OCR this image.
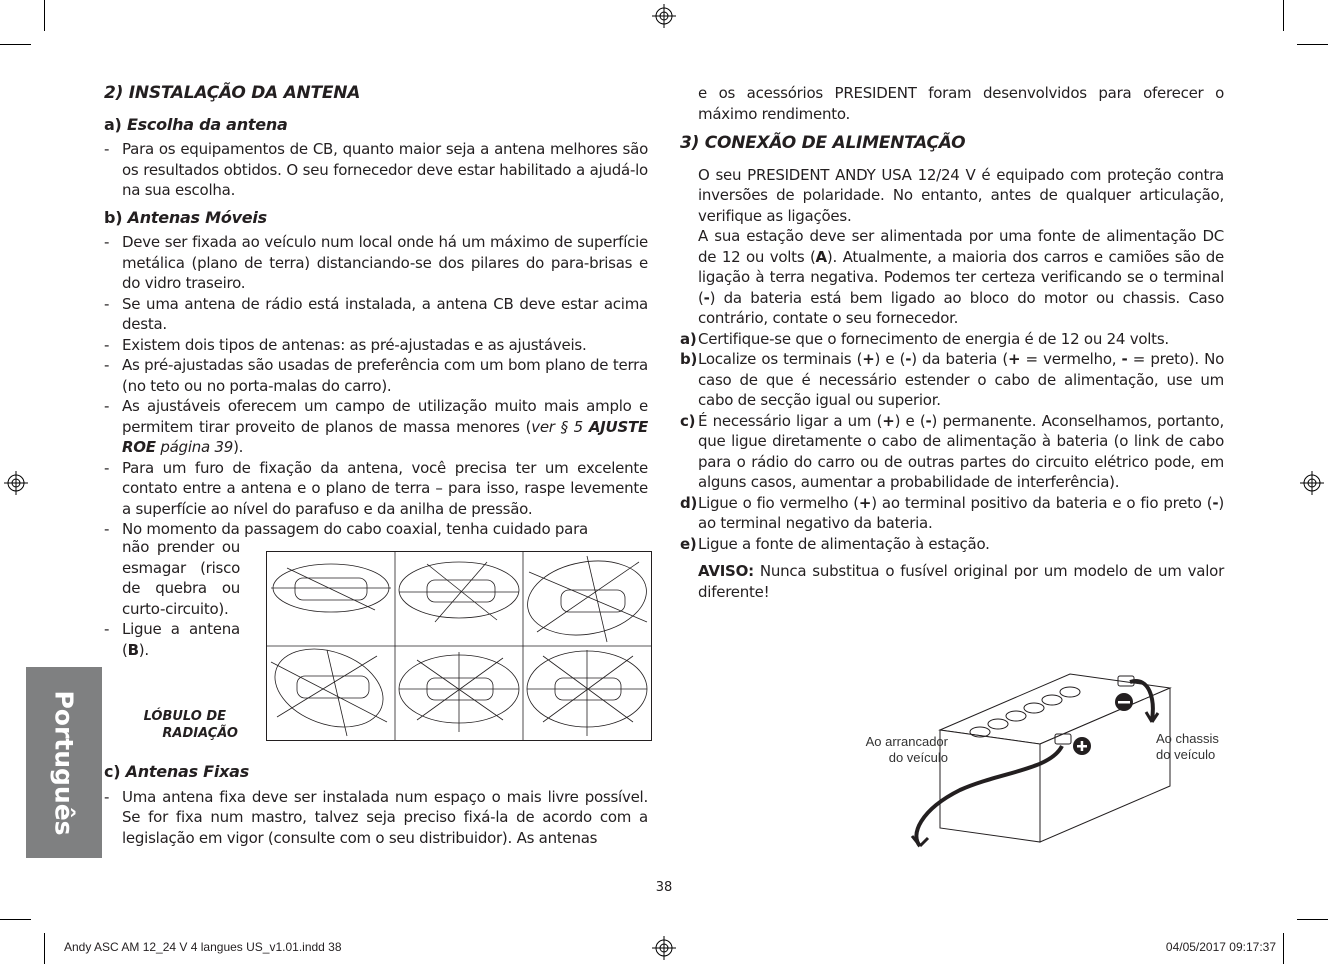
Português

2) INSTALAÇÃO DA ANTENA

a) Escolha da antena

- Para os equipamentos de CB, quanto maior seja a antena melhores são os resultados obtidos. O seu fornecedor deve estar habilitado a ajudá-lo na sua escolha.

b) Antenas Móveis

- Deve ser fixada ao veículo num local onde há um máximo de superfície metálica (plano de terra) distanciando-se dos pilares do para-brisas e do vidro traseiro.

- Se uma antena de rádio está instalada, a antena CB deve estar acima desta.

- Existem dois tipos de antenas: as pré-ajustadas e as ajustáveis.

- As pré-ajustadas são usadas de preferência com um bom plano de terra (no teto ou no porta-malas do carro).

- As ajustáveis oferecem um campo de utilização muito mais amplo e permitem tirar proveito de planos de massa menores (ver § 5 AJUSTE ROE página 39).

- Para um furo de fixação da antena, você precisa ter um excelente contato entre a antena e o plano de terra – para isso, raspe levemente a superfície ao nível do parafuso e da anilha de pressão.

- No momento da passagem do cabo coaxial, tenha cuidado para

não prender ou esmagar (risco de quebra ou curto-circuito).

- Ligue a antena (B).

LÓBULO DE
RADIAÇÃO

c) Antenas Fixas

- Uma antena fixa deve ser instalada num espaço o mais livre possível. Se for fixa num mastro, talvez seja preciso fixá-la de acordo com a legislação em vigor (consulte com o seu distribuidor). As antenas

e os acessórios PRESIDENT foram desenvolvidos para oferecer o máximo rendimento.

3) CONEXÃO DE ALIMENTAÇÃO

O seu PRESIDENT ANDY USA 12/24 V é equipado com proteção contra inversões de polaridade. No entanto, antes de qualquer articulação, verifique as ligações.

A sua estação deve ser alimentada por uma fonte de alimentação DC de 12 ou volts (A). Atualmente, a maioria dos carros e camiões são de ligação à terra negativa. Podemos ter certeza verificando se o terminal (-) da bateria está bem ligado ao bloco do motor ou chassis. Caso contrário, contate o seu fornecedor.

a) Certifique-se que o fornecimento de energia é de 12 ou 24 volts.

b) Localize os terminais (+) e (-) da bateria (+ = vermelho, - = preto). No caso de que é necessário estender o cabo de alimentação, use um cabo de secção igual ou superior.

c) É necessário ligar a um (+) e (-) permanente. Aconselhamos, portanto, que ligue diretamente o cabo de alimentação à bateria (o link de cabo para o rádio do carro ou de outras partes do circuito elétrico pode, em alguns casos, aumentar a probabilidade de interferência).

d) Ligue o fio vermelho (+) ao terminal positivo da bateria e o fio preto (-) ao terminal negativo da bateria.

e) Ligue a fonte de alimentação à estação.

AVISO: Nunca substitua o fusível original por um modelo de um valor diferente!

Ao arrancador
do veículo
Ao chassis
do veículo
38
Andy ASC AM 12_24 V 4 langues US_v1.01.indd 38	04/05/2017 09:17:37
